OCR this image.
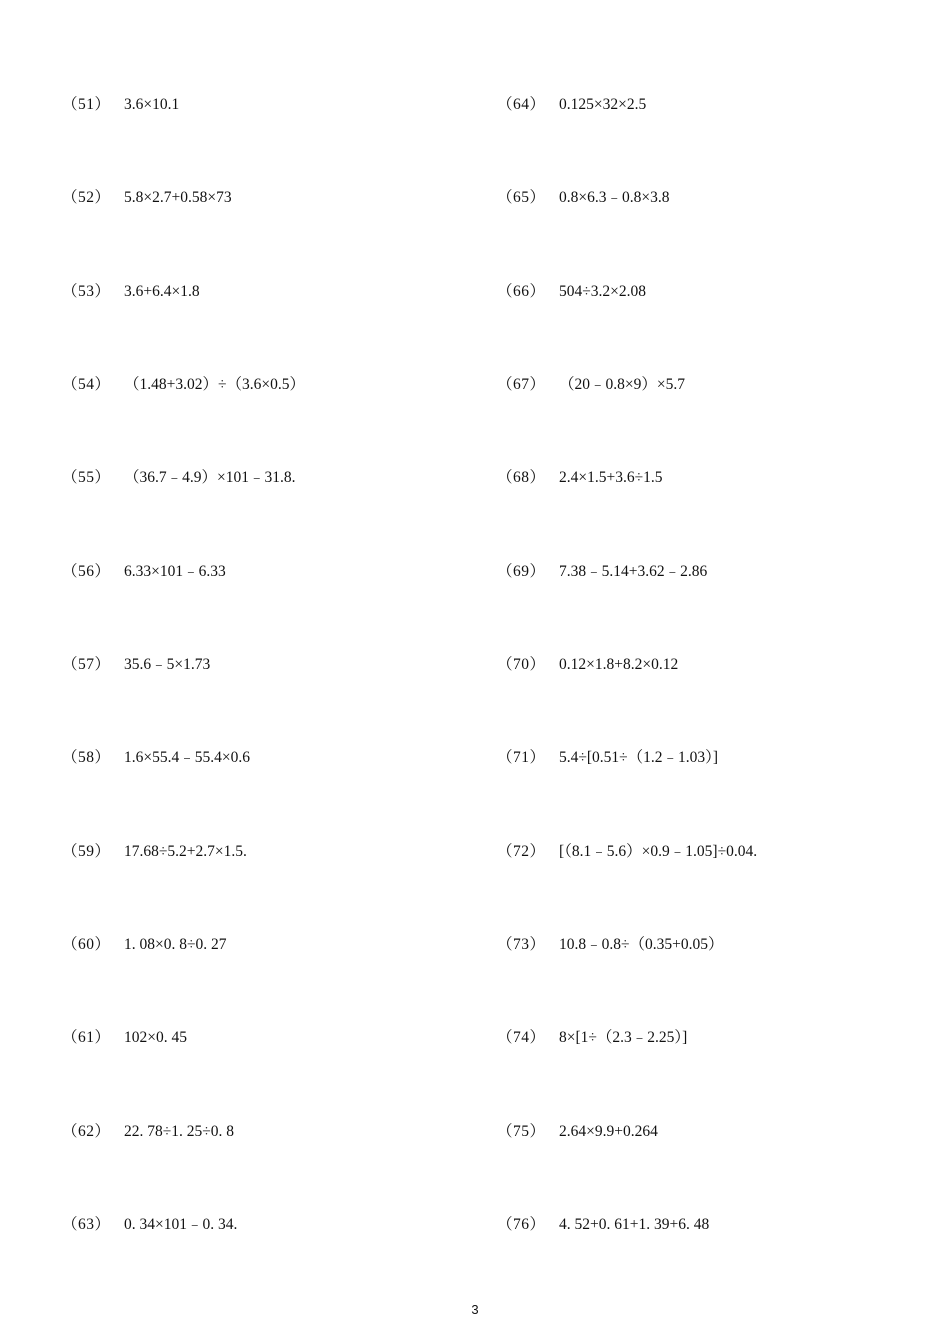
（51） 3.6×10.1
（52） 5.8×2.7+0.58×73
（53） 3.6+6.4×1.8
（54） （1.48+3.02）÷（3.6×0.5）
（55） （36.7﹣4.9）×101﹣31.8.
（56） 6.33×101﹣6.33
（57） 35.6﹣5×1.73
（58） 1.6×55.4﹣55.4×0.6
（59） 17.68÷5.2+2.7×1.5.
（60） 1. 08×0. 8÷0. 27
（61） 102×0. 45
（62） 22. 78÷1. 25÷0. 8
（63） 0. 34×101﹣0. 34.
（64） 0.125×32×2.5
（65） 0.8×6.3﹣0.8×3.8
（66） 504÷3.2×2.08
（67） （20﹣0.8×9）×5.7
（68） 2.4×1.5+3.6÷1.5
（69） 7.38﹣5.14+3.62﹣2.86
（70） 0.12×1.8+8.2×0.12
（71） 5.4÷[0.51÷（1.2﹣1.03）]
（72） [（8.1﹣5.6）×0.9﹣1.05]÷0.04.
（73） 10.8﹣0.8÷（0.35+0.05）
（74） 8×[1÷（2.3﹣2.25）]
（75） 2.64×9.9+0.264
（76） 4. 52+0. 61+1. 39+6. 48
3
